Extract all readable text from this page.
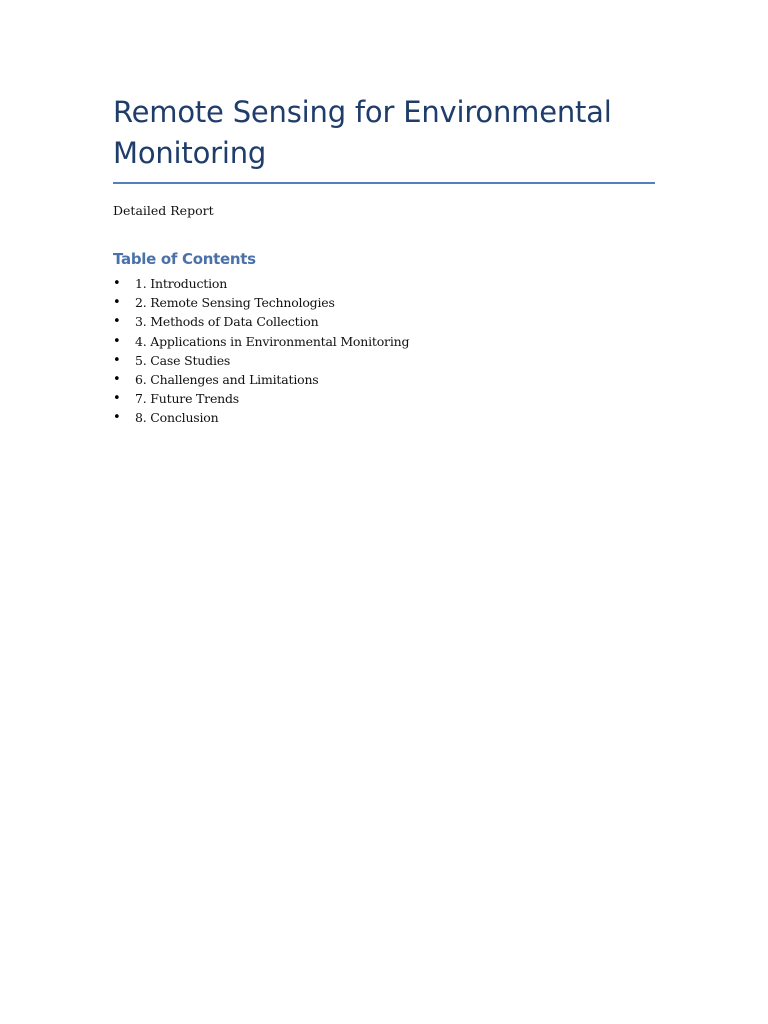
Remote Sensing for Environmental Monitoring

Detailed Report

Table of Contents
• 1. Introduction
• 2. Remote Sensing Technologies
• 3. Methods of Data Collection
• 4. Applications in Environmental Monitoring
• 5. Case Studies
• 6. Challenges and Limitations
• 7. Future Trends
• 8. Conclusion
